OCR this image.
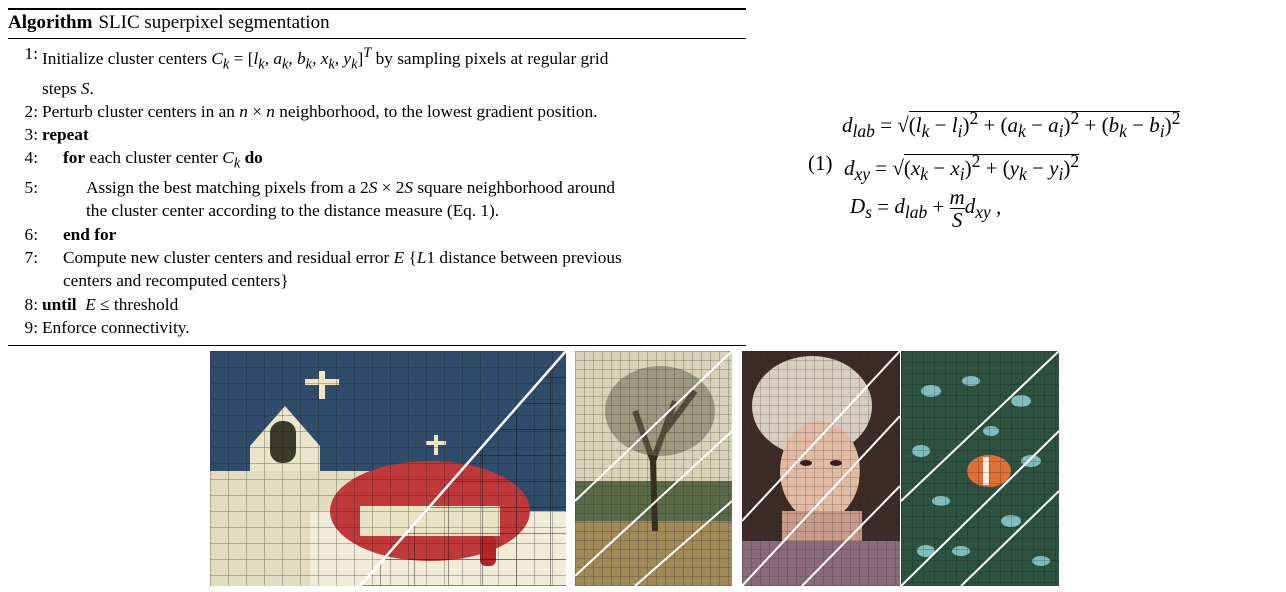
Algorithm SLIC superpixel segmentation
1: Initialize cluster centers $C_k = [l_k$, $a_k$, $b_k$, $x_k$, $y_k]^T$ by sampling pixels at regular grid
steps S.
2: Perturb cluster centers in an n × n neighborhood, to the lowest gradient position.
3: repeat
4:	for each cluster center $C_k$ do
5:	Assign the best matching pixels from a 2S × 2S square neighborhood around
the cluster center according to the distance measure (Eq. 1).
6:	end for
7:	Compute new cluster centers and residual error E {L1 distance between previous
centers and recomputed centers}
8: until E ≤ threshold
9: Enforce connectivity.
(1)
$d_{lab} = √(l_k - l_i)^2 + (a_k - a_i)^2 + (b_k - b_i)^2$
$d_{xy} = √(x_k - x_i)^2 + (y_k - y_i)^2$
$D_s = d_{lab} + \frac{m}{S} d_{xy}$ ,
